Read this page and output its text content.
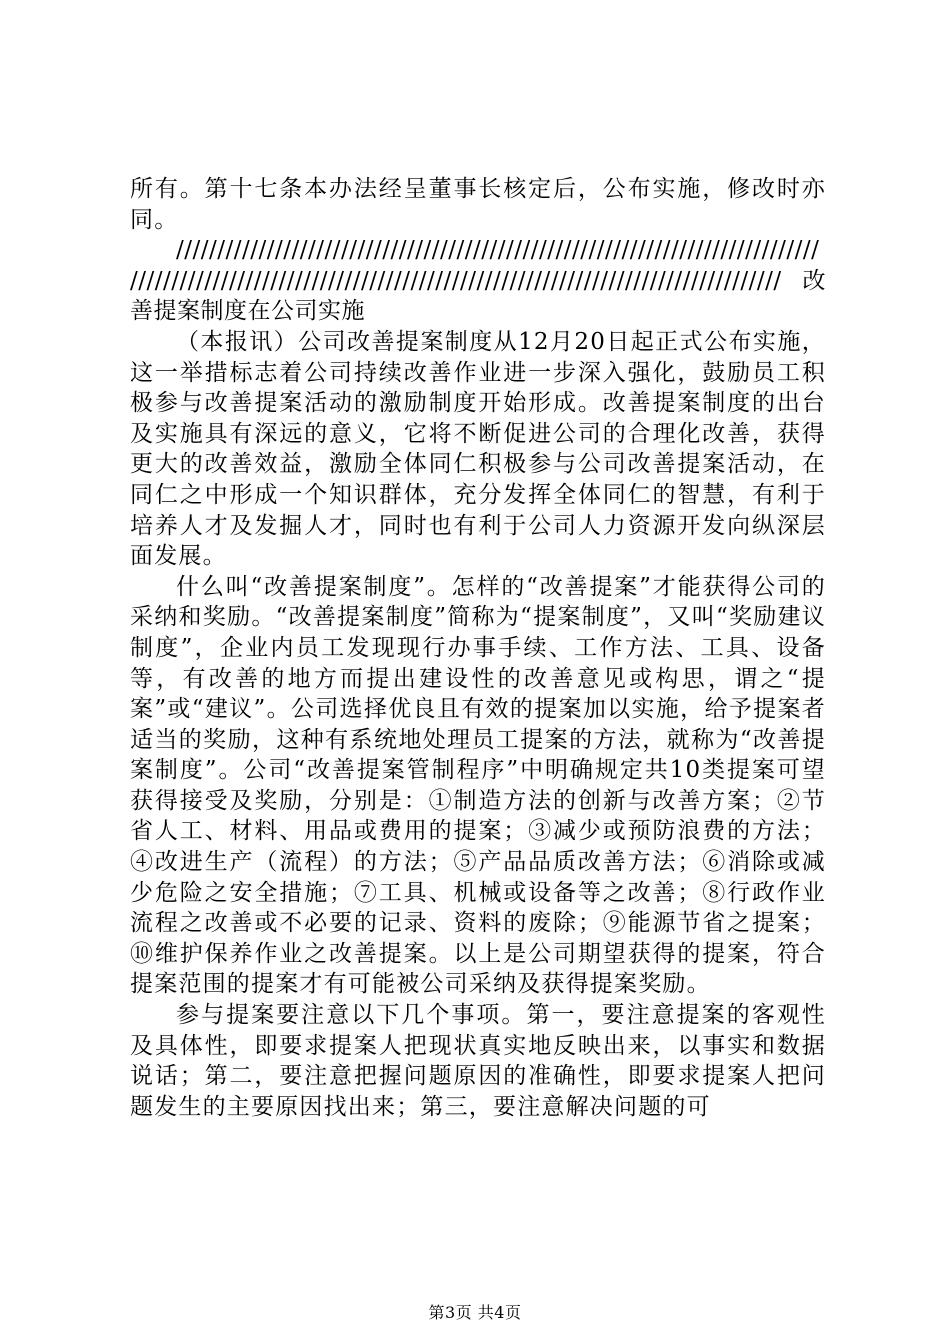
所有。第十七条本办法经呈董事长核定后，公布实施，修改时亦同。

/////////////////////////////////////////////////////////////////////////////////////////////////////////////////////////////////////////////////////////////改善提案制度在公司实施

（本报讯）公司改善提案制度从12月20日起正式公布实施，这一举措标志着公司持续改善作业进一步深入强化，鼓励员工积极参与改善提案活动的激励制度开始形成。改善提案制度的出台及实施具有深远的意义，它将不断促进公司的合理化改善，获得更大的改善效益，激励全体同仁积极参与公司改善提案活动，在同仁之中形成一个知识群体，充分发挥全体同仁的智慧，有利于培养人才及发掘人才，同时也有利于公司人力资源开发向纵深层面发展。

什么叫“改善提案制度”。怎样的“改善提案”才能获得公司的采纳和奖励。“改善提案制度”简称为“提案制度”，又叫“奖励建议制度”，企业内员工发现现行办事手续、工作方法、工具、设备等，有改善的地方而提出建设性的改善意见或构思，谓之“提案”或“建议”。公司选择优良且有效的提案加以实施，给予提案者适当的奖励，这种有系统地处理员工提案的方法，就称为“改善提案制度”。公司“改善提案管制程序”中明确规定共10类提案可望获得接受及奖励，分别是：①制造方法的创新与改善方案；②节省人工、材料、用品或费用的提案；③减少或预防浪费的方法；④改进生产（流程）的方法；⑤产品品质改善方法；⑥消除或减少危险之安全措施；⑦工具、机械或设备等之改善；⑧行政作业流程之改善或不必要的记录、资料的废除；⑨能源节省之提案；⑩维护保养作业之改善提案。以上是公司期望获得的提案，符合提案范围的提案才有可能被公司采纳及获得提案奖励。

参与提案要注意以下几个事项。第一，要注意提案的客观性及具体性，即要求提案人把现状真实地反映出来，以事实和数据说话；第二，要注意把握问题原因的准确性，即要求提案人把问题发生的主要原因找出来；第三，要注意解决问题的可

第3页 共4页
